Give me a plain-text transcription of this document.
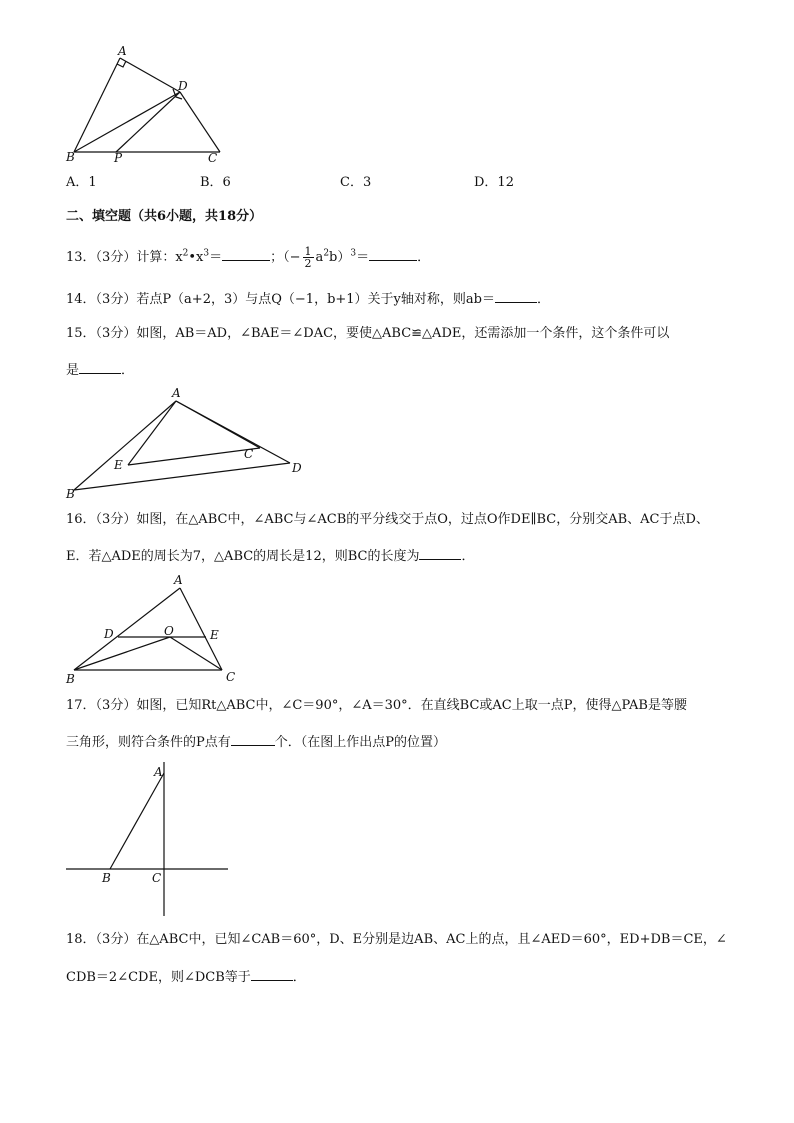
A
D
B	P	C
A
E
C
D
B
A
D	O	E
B	C
A
B	C
A．1	B．6	C．3	D．12
二、填空题（共6小题，共18分）
13．（3分）计算：$x^2•x^3=$	；（− $\frac{1}{2} a^2b)^3=$	．
14．（3分）若点P（a+2，3）与点Q（−1，b+1）关于y轴对称，则ab＝	．
15．（3分）如图，AB＝AD，∠BAE＝∠DAC，要使△ABC≌△ADE，还需添加一个条件，这个条件可以
是	．
16．（3分）如图，在△ABC中，∠ABC与∠ACB的平分线交于点O，过点O作DE∥BC，分别交AB、AC于点D、
E．若△ADE的周长为7，△ABC的周长是12，则BC的长度为	．
17．（3分）如图，已知Rt△ABC中，∠C＝90°，∠A＝30°．在直线BC或AC上取一点P，使得△PAB是等腰
三角形，则符合条件的P点有	个．（在图上作出点P的位置）
18．（3分）在△ABC中，已知∠CAB＝60°，D、E分别是边AB、AC上的点，且∠AED＝60°，ED+DB＝CE，∠
CDB＝2∠CDE，则∠DCB等于	．
